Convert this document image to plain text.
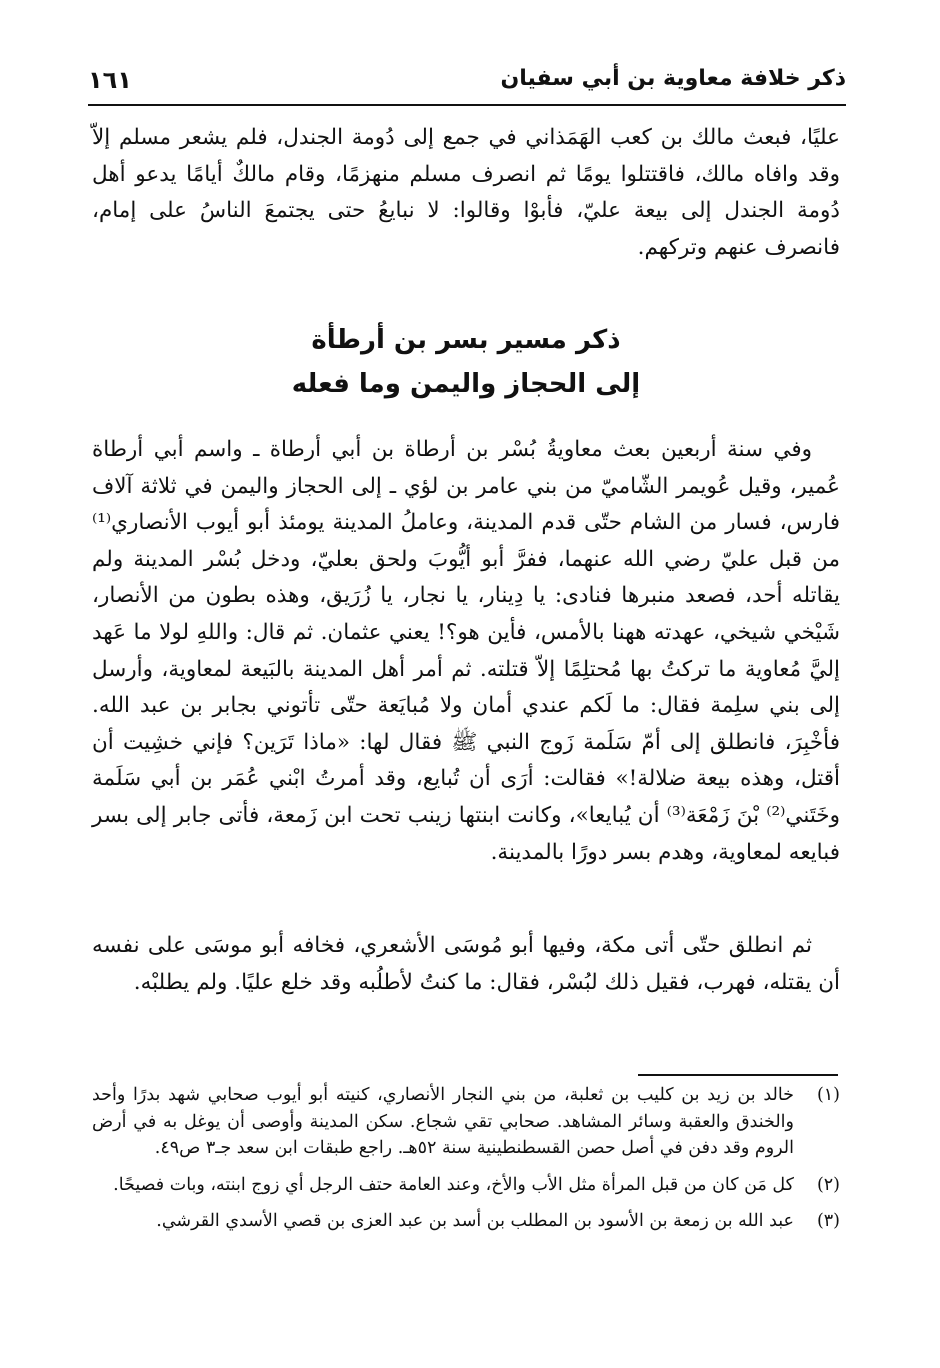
ذكر خلافة معاوية بن أبي سفيان
١٦١

عليًا، فبعث مالك بن كعب الهَمَذاني في جمع إلى دُومة الجندل، فلم يشعر مسلم إلاّ وقد وافاه مالك، فاقتتلوا يومًا ثم انصرف مسلم منهزمًا، وقام مالكٌ أيامًا يدعو أهل دُومة الجندل إلى بيعة عليّ، فأبوْا وقالوا: لا نبايعُ حتى يجتمعَ الناسُ على إمام، فانصرف عنهم وتركهم.

ذكر مسير بسر بن أرطأة
إلى الحجاز واليمن وما فعله

وفي سنة أربعين بعث معاويةُ بُسْر بن أرطاة بن أبي أرطاة ـ واسم أبي أرطاة عُمير، وقيل عُويمر الشّاميّ من بني عامر بن لؤي ـ إلى الحجاز واليمن في ثلاثة آلاف فارس، فسار من الشام حتّى قدم المدينة، وعاملُ المدينة يومئذ أبو أيوب الأنصاري⁽¹⁾ من قبل عليّ رضي الله عنهما، ففرَّ أبو أيُّوبَ ولحق بعليّ، ودخل بُسْر المدينة ولم يقاتله أحد، فصعد منبرها فنادى: يا دِينار، يا نجار، يا زُرَيق، وهذه بطون من الأنصار، شَيْخي شيخي، عهدته ههنا بالأمس، فأين هو؟! يعني عثمان. ثم قال: واللهِ لولا ما عَهد إليَّ مُعاوية ما تركتُ بها مُحتلِمًا إلاّ قتلته. ثم أمر أهل المدينة بالبَيعة لمعاوية، وأرسل إلى بني سلِمة فقال: ما لَكم عندي أمان ولا مُبايَعة حتّى تأتوني بجابر بن عبد الله. فأخْبِرَ، فانطلق إلى أمّ سَلَمة زَوج النبي ﷺ فقال لها: «ماذا تَرَين؟ فإني خشِيت أن أقتل، وهذه بيعة ضلالة!» فقالت: أرَى أن تُبايع، وقد أمرتُ ابْني عُمَر بن أبي سَلَمة وخَتَني⁽²⁾ بْنَ زَمْعَة⁽³⁾ أن يُبايعا»، وكانت ابنتها زينب تحت ابن زَمعة، فأتى جابر إلى بسر فبايعه لمعاوية، وهدم بسر دورًا بالمدينة.

ثم انطلق حتّى أتى مكة، وفيها أبو مُوسَى الأشعري، فخافه أبو موسَى على نفسه أن يقتله، فهرب، فقيل ذلك لبُسْر، فقال: ما كنتُ لأطلُبه وقد خلع عليًا. ولم يطلبْه.

(١)
خالد بن زيد بن كليب بن ثعلبة، من بني النجار الأنصاري، كنيته أبو أيوب صحابي شهد بدرًا وأحد والخندق والعقبة وسائر المشاهد. صحابي تقي شجاع. سكن المدينة وأوصى أن يوغل به في أرض الروم وقد دفن في أصل حصن القسطنطينية سنة ٥٢هـ. راجع طبقات ابن سعد جـ٣ ص٤٩.
(٢)
كل مَن كان من قبل المرأة مثل الأب والأخ، وعند العامة حتف الرجل أي زوج ابنته، وبات فصيحًا.
(٣)
عبد الله بن زمعة بن الأسود بن المطلب بن أسد بن عبد العزى بن قصي الأسدي القرشي.
